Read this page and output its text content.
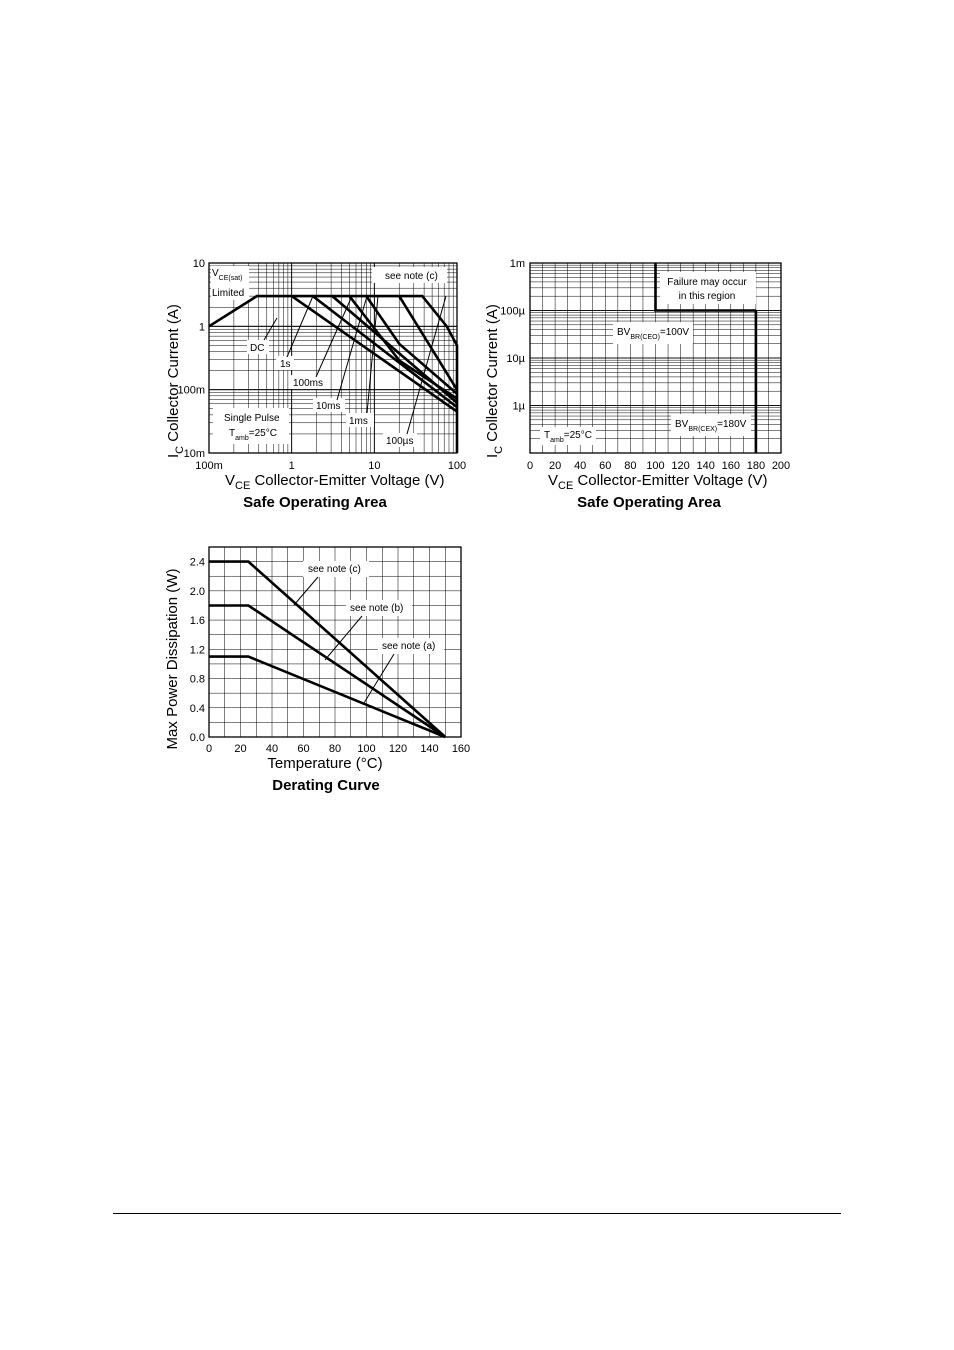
$V_{CE(sat)}$
Limited
see note (c)
DC
1s
100ms
10ms
1ms
100µs
Single Pulse
$T_{amb}=25^\circ C$
100m	1	10	100
10m
100m
1
10
$V_{CE}$ Collector-Emitter Voltage (V)
$I_C$ Collector Current (A)
Safe Operating Area
Failure may occur
in this region
$BV_{BR(CEO)}=100V$
$BV_{BR(CEX)}=180V$
$T_{amb}=25^\circ C$
0 20 40 60 80 100 120 140 160 180 200
1µ
10µ
100µ
1m
$V_{CE}$ Collector-Emitter Voltage (V)
$I_C$ Collector Current (A)
Safe Operating Area
see note (c)
see note (b)
see note (a)
0 20 40 60 80 100 120 140 160
0.0
0.4
0.8
1.2
1.6
2.0
2.4
Temperature (°C)
Max Power Dissipation (W)
Derating Curve
